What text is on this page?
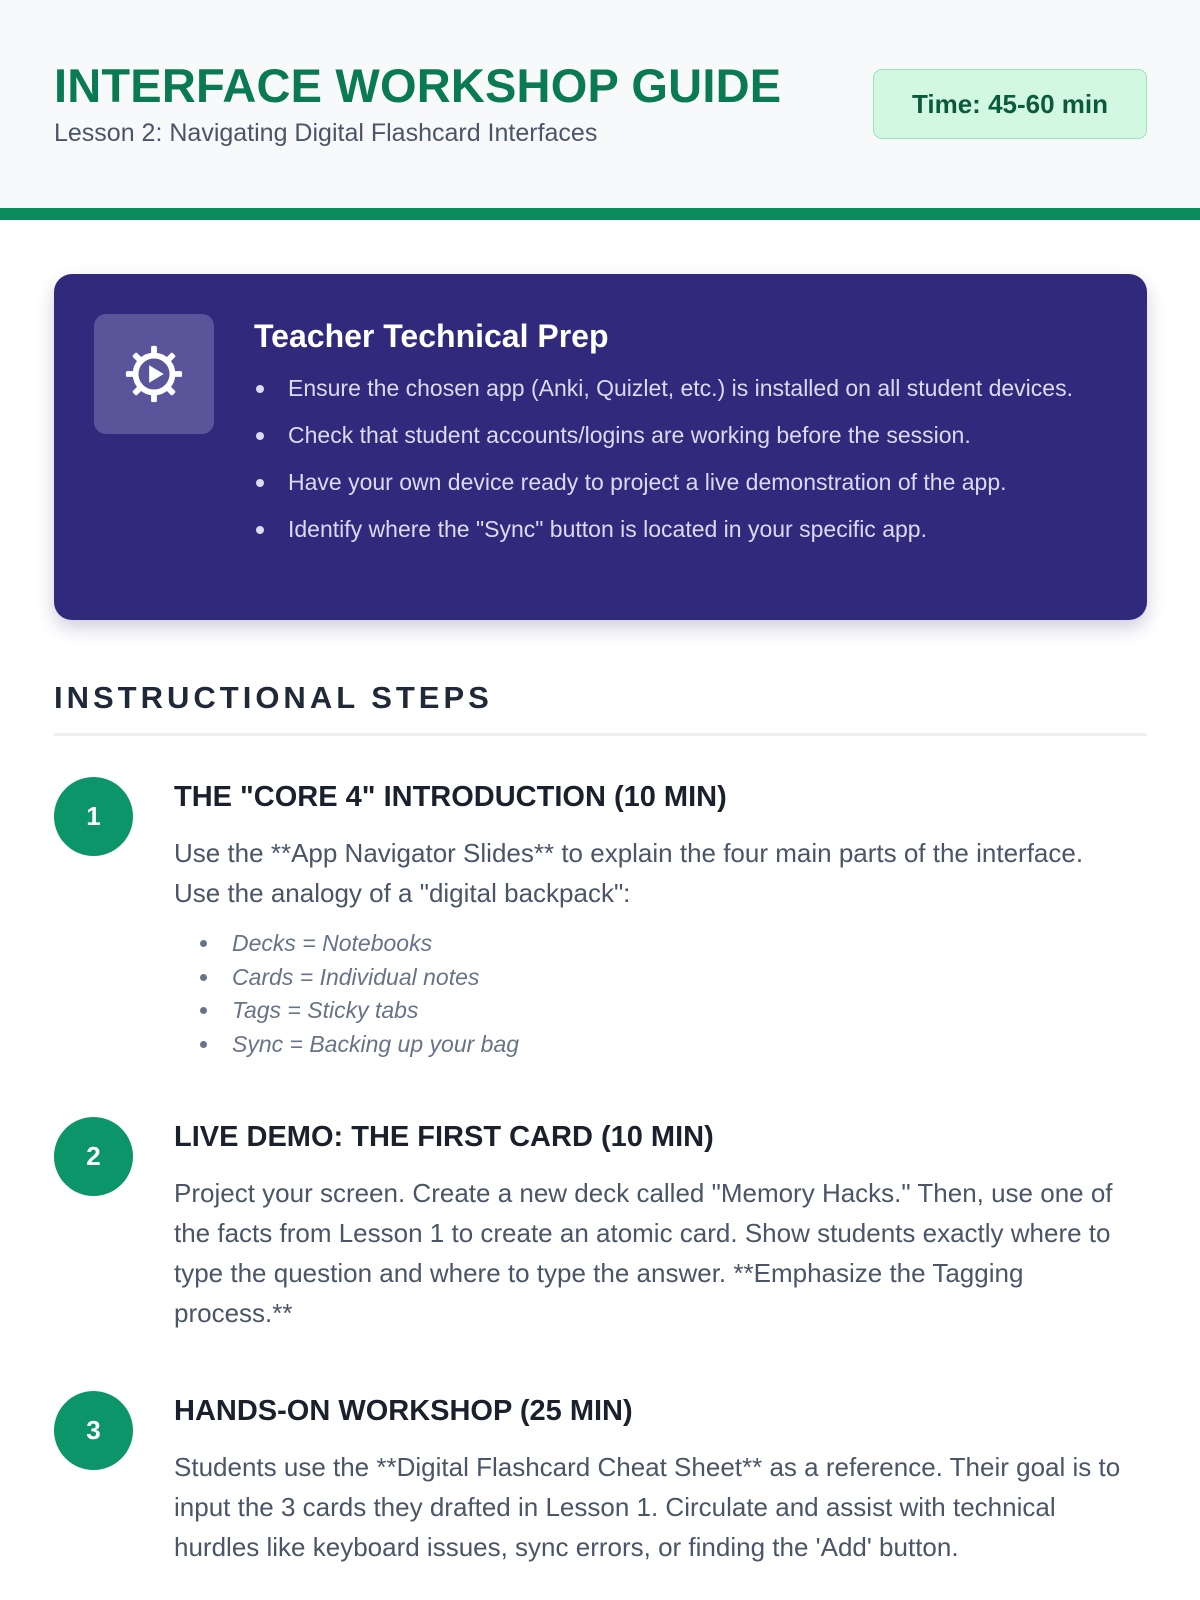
INTERFACE WORKSHOP GUIDE
Lesson 2: Navigating Digital Flashcard Interfaces
Time: 45-60 min
Teacher Technical Prep
Ensure the chosen app (Anki, Quizlet, etc.) is installed on all student devices.
Check that student accounts/logins are working before the session.
Have your own device ready to project a live demonstration of the app.
Identify where the "Sync" button is located in your specific app.
INSTRUCTIONAL STEPS
1
THE "CORE 4" INTRODUCTION (10 MIN)

Use the **App Navigator Slides** to explain the four main parts of the interface. Use the analogy of a "digital backpack":

Decks = Notebooks
Cards = Individual notes
Tags = Sticky tabs
Sync = Backing up your bag
2
LIVE DEMO: THE FIRST CARD (10 MIN)

Project your screen. Create a new deck called "Memory Hacks." Then, use one of the facts from Lesson 1 to create an atomic card. Show students exactly where to type the question and where to type the answer. **Emphasize the Tagging process.**

3
HANDS-ON WORKSHOP (25 MIN)

Students use the **Digital Flashcard Cheat Sheet** as a reference. Their goal is to input the 3 cards they drafted in Lesson 1. Circulate and assist with technical hurdles like keyboard issues, sync errors, or finding the 'Add' button.
